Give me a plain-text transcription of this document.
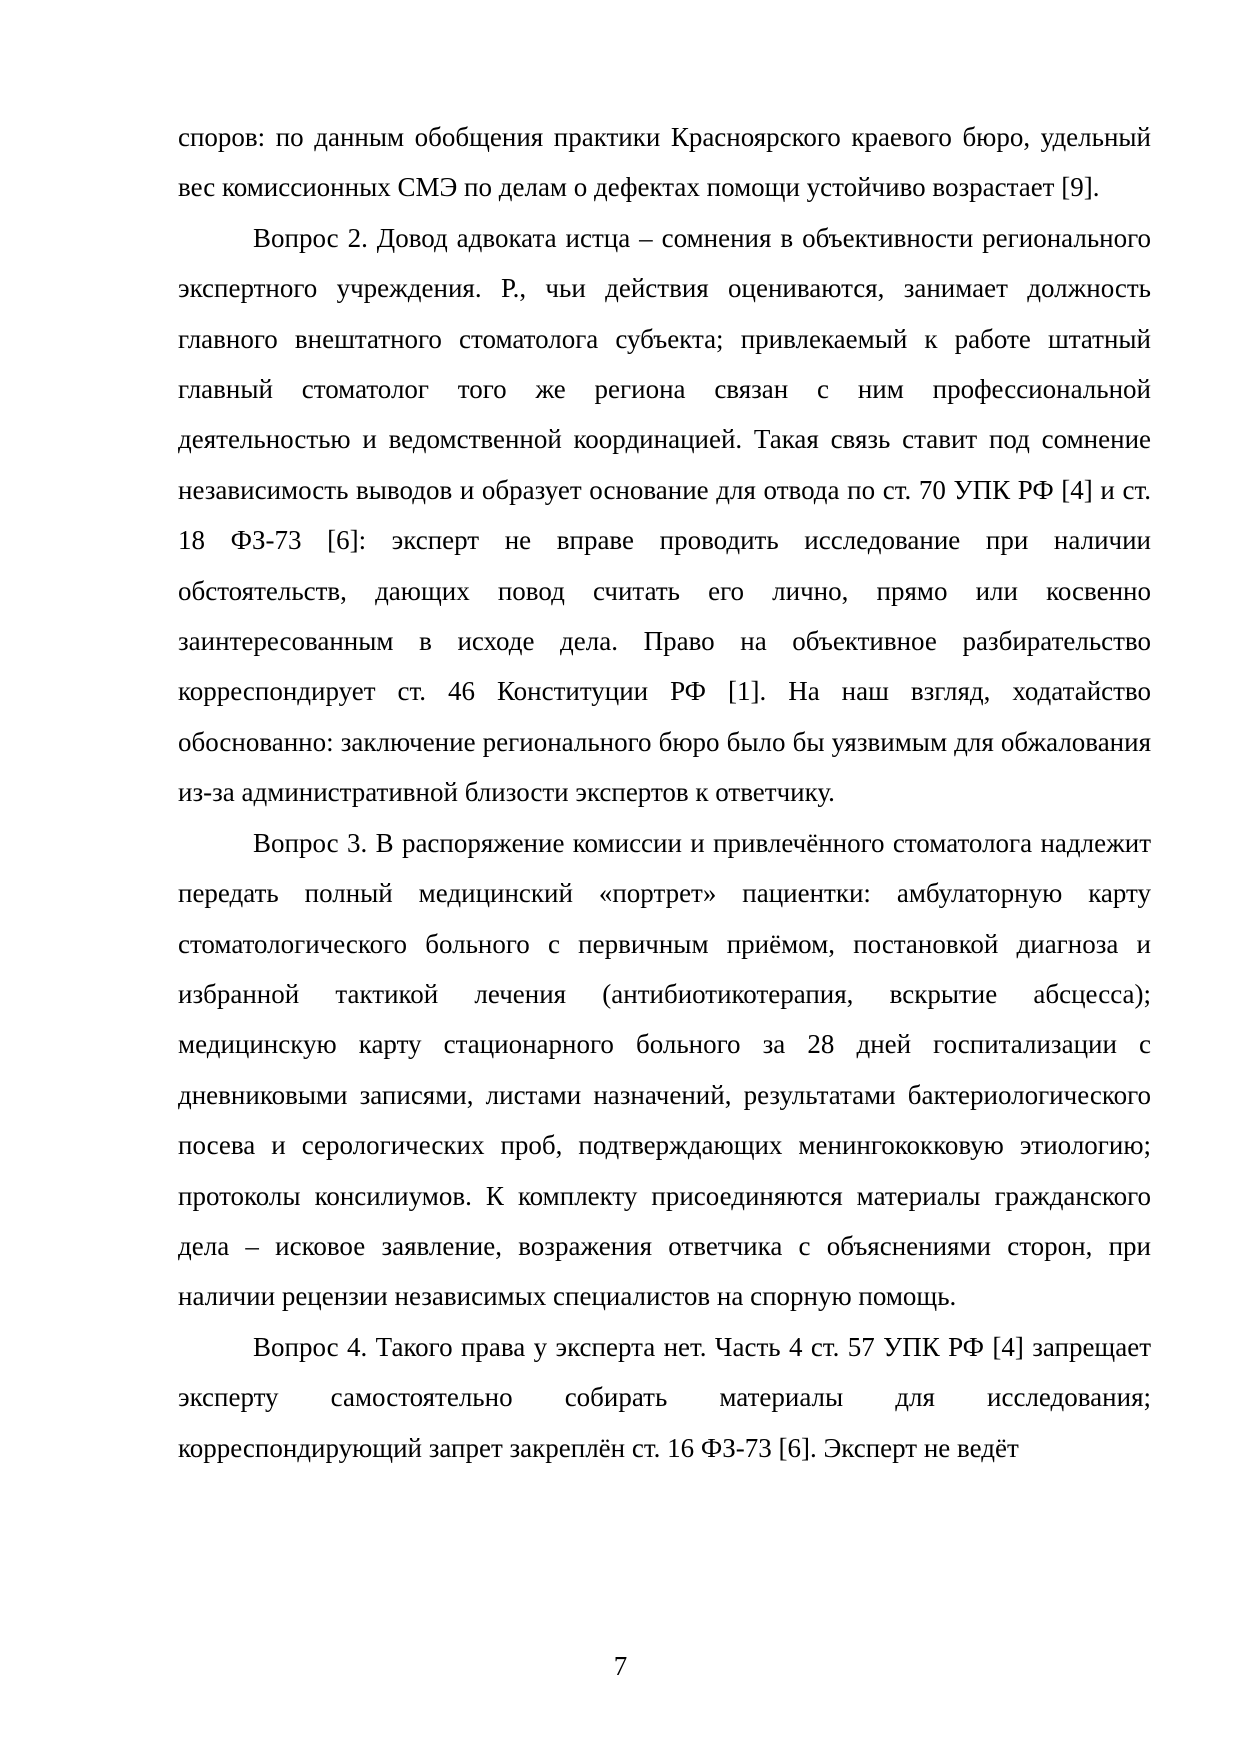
споров: по данным обобщения практики Красноярского краевого бюро, удельный вес комиссионных СМЭ по делам о дефектах помощи устойчиво возрастает [9].

Вопрос 2. Довод адвоката истца – сомнения в объективности регионального экспертного учреждения. Р., чьи действия оцениваются, занимает должность главного внештатного стоматолога субъекта; привлекаемый к работе штатный главный стоматолог того же региона связан с ним профессиональной деятельностью и ведомственной координацией. Такая связь ставит под сомнение независимость выводов и образует основание для отвода по ст. 70 УПК РФ [4] и ст. 18 ФЗ-73 [6]: эксперт не вправе проводить исследование при наличии обстоятельств, дающих повод считать его лично, прямо или косвенно заинтересованным в исходе дела. Право на объективное разбирательство корреспондирует ст. 46 Конституции РФ [1]. На наш взгляд, ходатайство обоснованно: заключение регионального бюро было бы уязвимым для обжалования из-за административной близости экспертов к ответчику.

Вопрос 3. В распоряжение комиссии и привлечённого стоматолога надлежит передать полный медицинский «портрет» пациентки: амбулаторную карту стоматологического больного с первичным приёмом, постановкой диагноза и избранной тактикой лечения (антибиотикотерапия, вскрытие абсцесса); медицинскую карту стационарного больного за 28 дней госпитализации с дневниковыми записями, листами назначений, результатами бактериологического посева и серологических проб, подтверждающих менингококковую этиологию; протоколы консилиумов. К комплекту присоединяются материалы гражданского дела – исковое заявление, возражения ответчика с объяснениями сторон, при наличии рецензии независимых специалистов на спорную помощь.

Вопрос 4. Такого права у эксперта нет. Часть 4 ст. 57 УПК РФ [4] запрещает эксперту самостоятельно собирать материалы для исследования; корреспондирующий запрет закреплён ст. 16 ФЗ-73 [6]. Эксперт не ведёт

7
